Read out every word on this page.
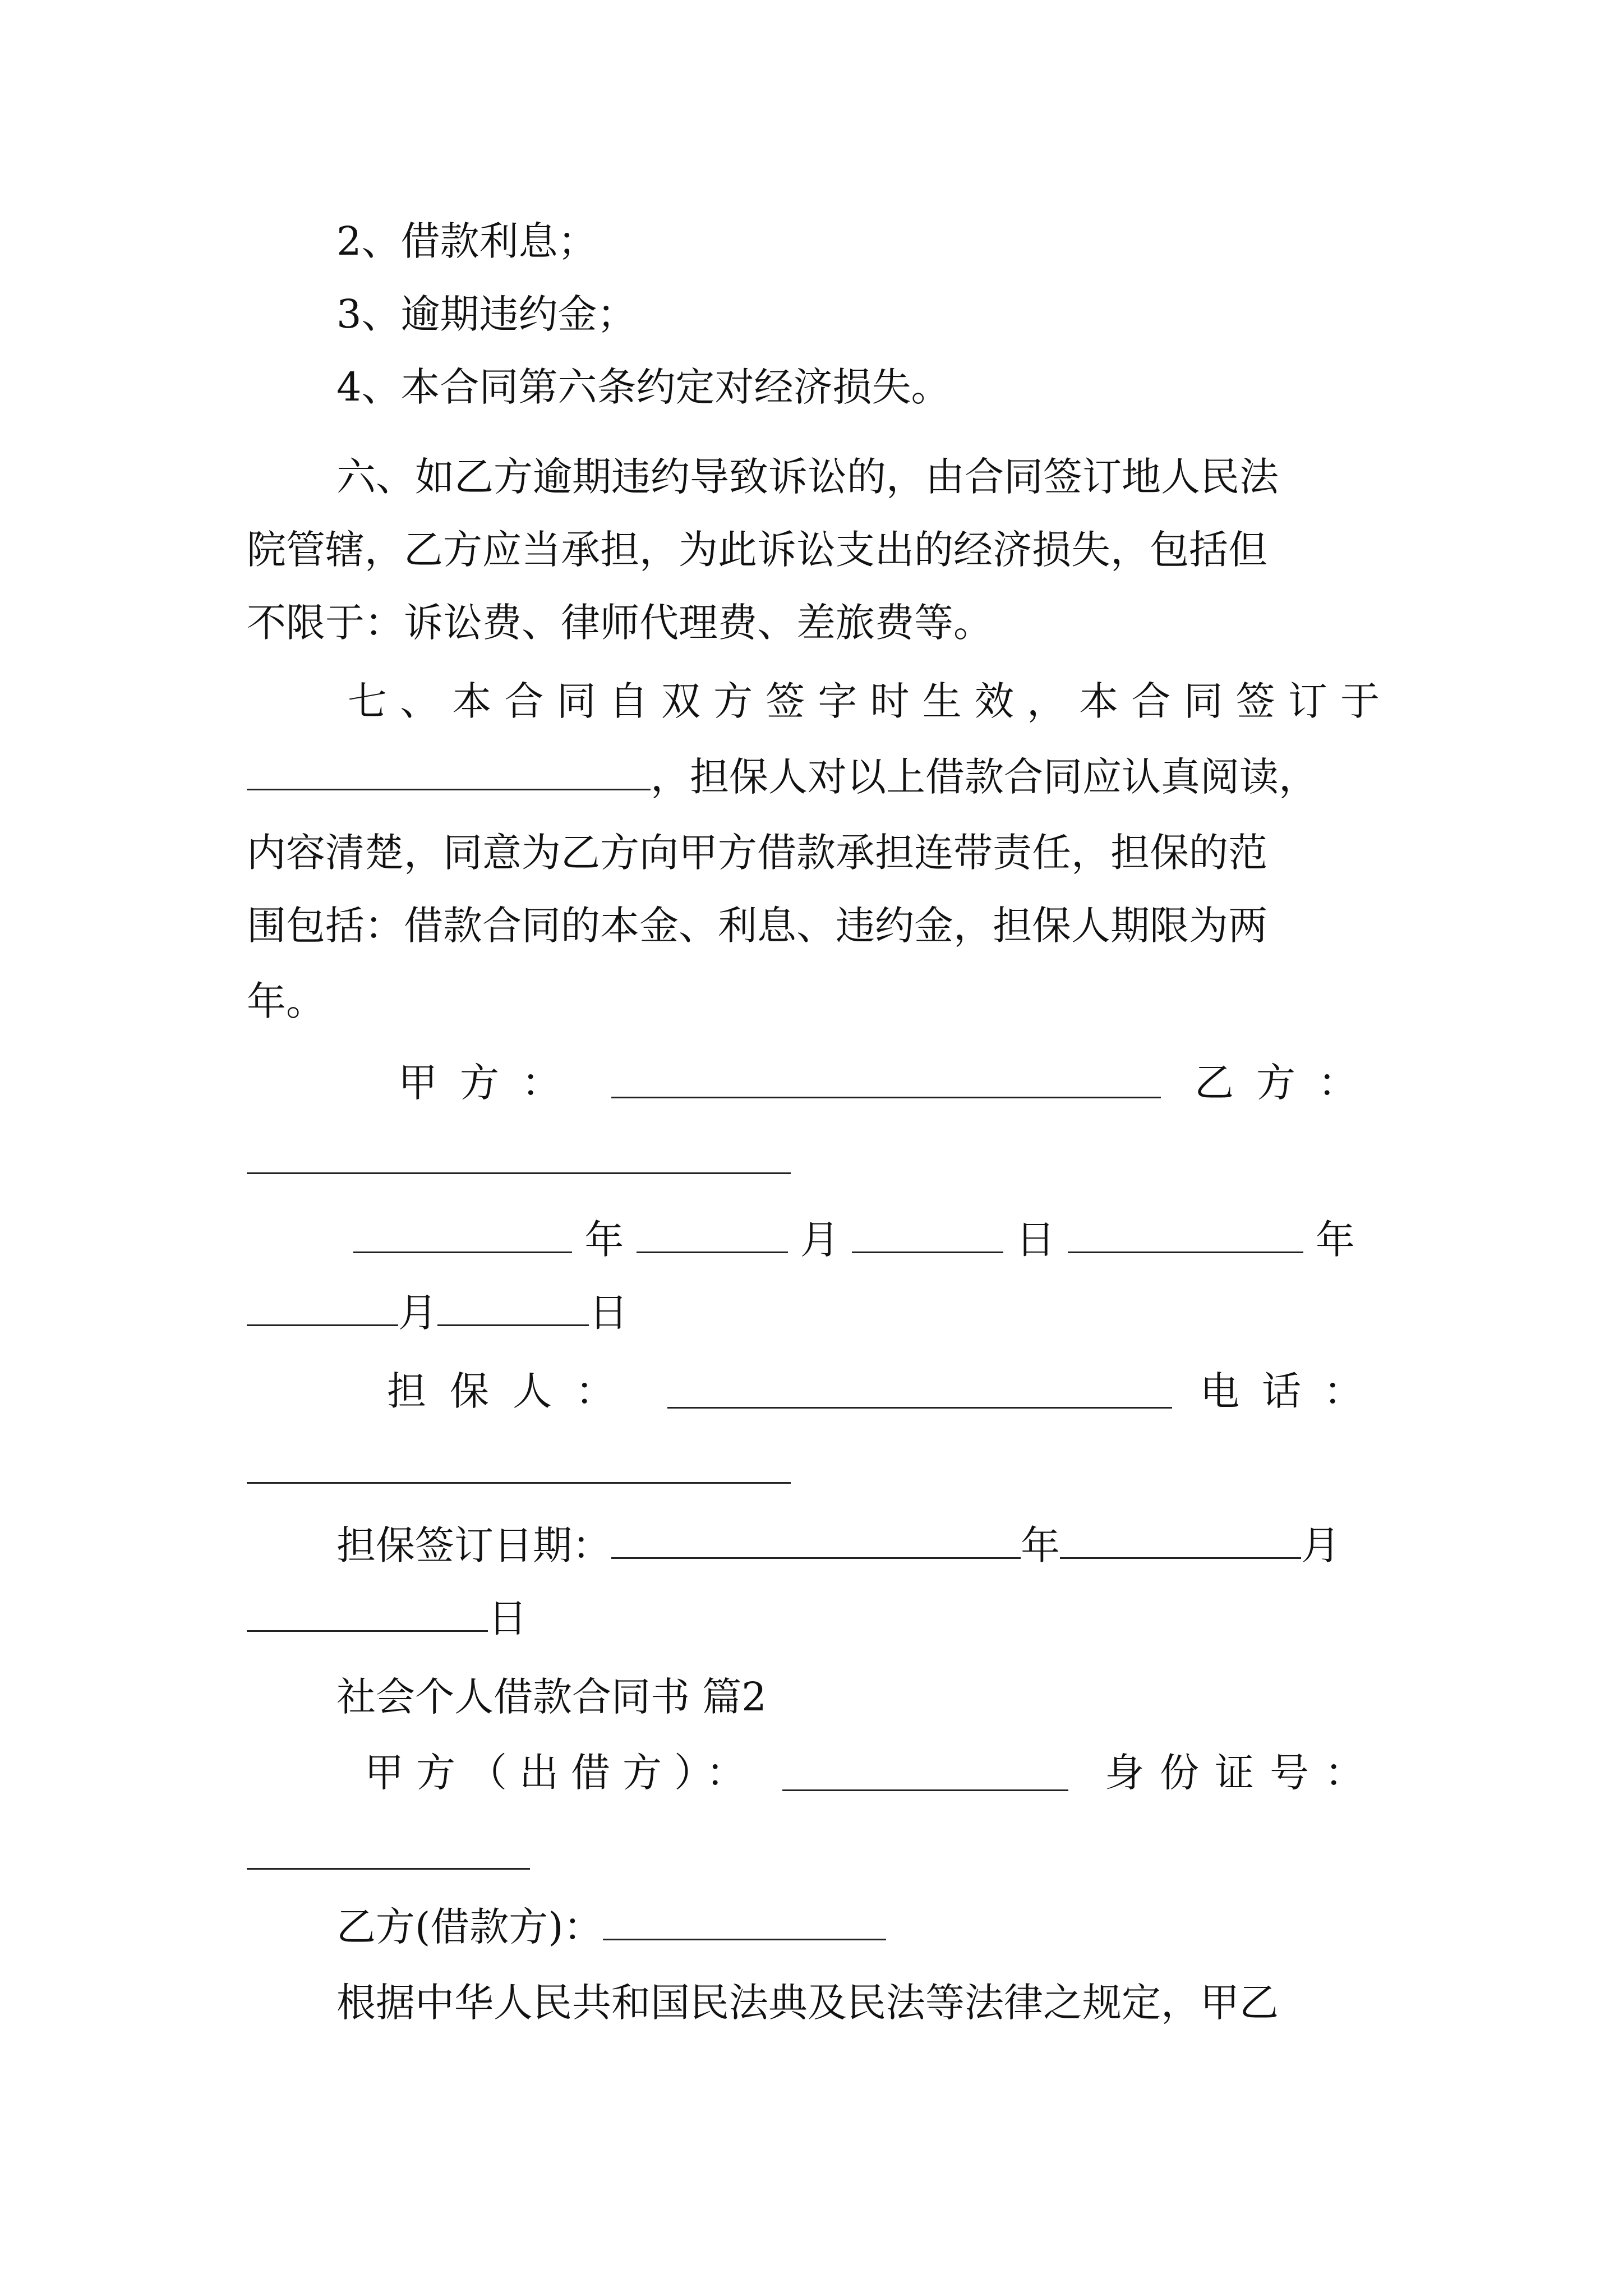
2、借款利息；
3、逾期违约金；
4、本合同第六条约定对经济损失。
六、如乙方逾期违约导致诉讼的，由合同签订地人民法
院管辖，乙方应当承担，为此诉讼支出的经济损失，包括但
不限于：诉讼费、律师代理费、差旅费等。
七、本合同自双方签字时生效，本合同签订于
，担保人对以上借款合同应认真阅读，
内容清楚，同意为乙方向甲方借款承担连带责任，担保的范
围包括：借款合同的本金、利息、违约金，担保人期限为两
年。
甲方：	乙方：
年	月	日	年
月	日
担保人：	电话：
担保签订日期：	年	月
日
社会个人借款合同书 篇2
甲方（出借方）：	身份证号：
乙方(借款方)：
根据中华人民共和国民法典及民法等法律之规定，甲乙
